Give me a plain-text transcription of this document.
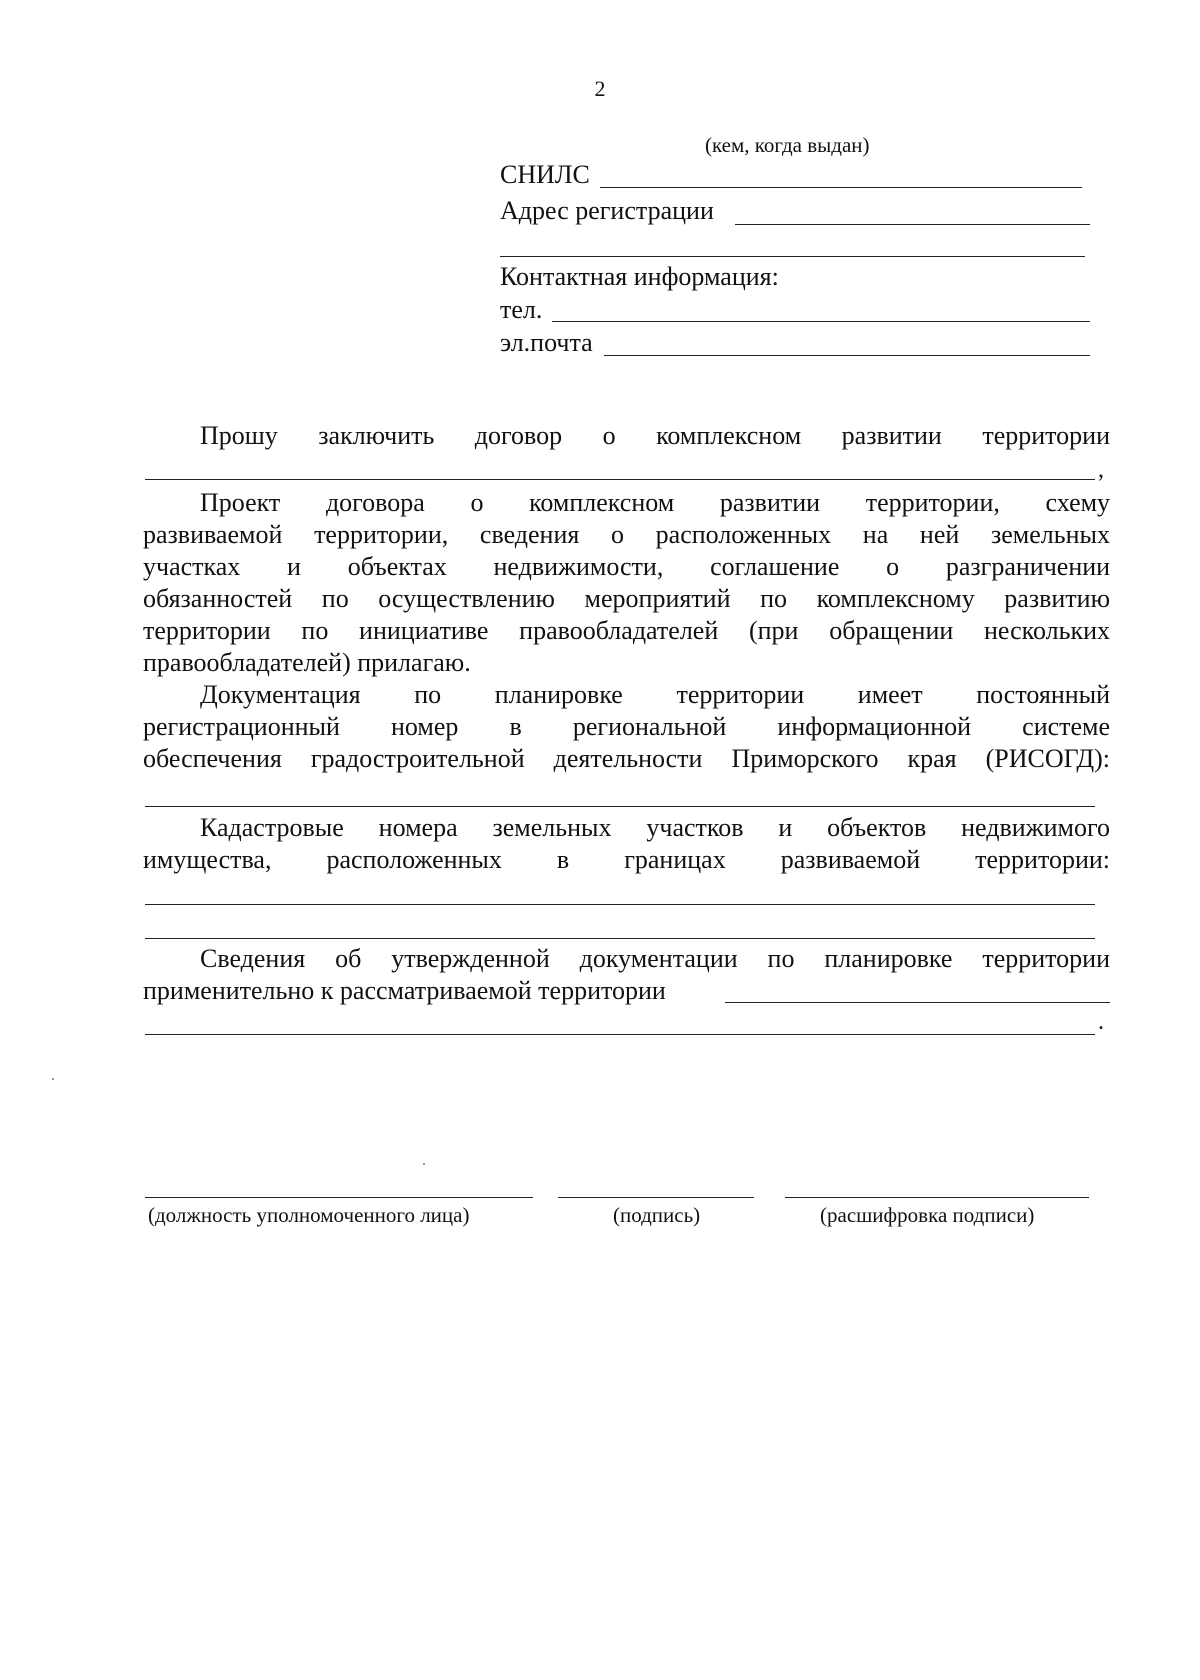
2
(кем, когда выдан)
СНИЛС
Адрес регистрации
Контактная информация:
тел.
эл.почта
Прошу заключить договор о комплексном развитии территории
,
Проект договора о комплексном развитии территории, схему
развиваемой территории, сведения о расположенных на ней земельных
участках и объектах недвижимости, соглашение о разграничении
обязанностей по осуществлению мероприятий по комплексному развитию
территории по инициативе правообладателей (при обращении нескольких
правообладателей) прилагаю.
Документация по планировке территории имеет постоянный
регистрационный номер в региональной информационной системе
обеспечения градостроительной деятельности Приморского края (РИСОГД):
Кадастровые номера земельных участков и объектов недвижимого
имущества, расположенных в границах развиваемой территории:
Сведения об утвержденной документации по планировке территории
применительно к рассматриваемой территории
.
(должность уполномоченного лица)	(подпись)	(расшифровка подписи)
